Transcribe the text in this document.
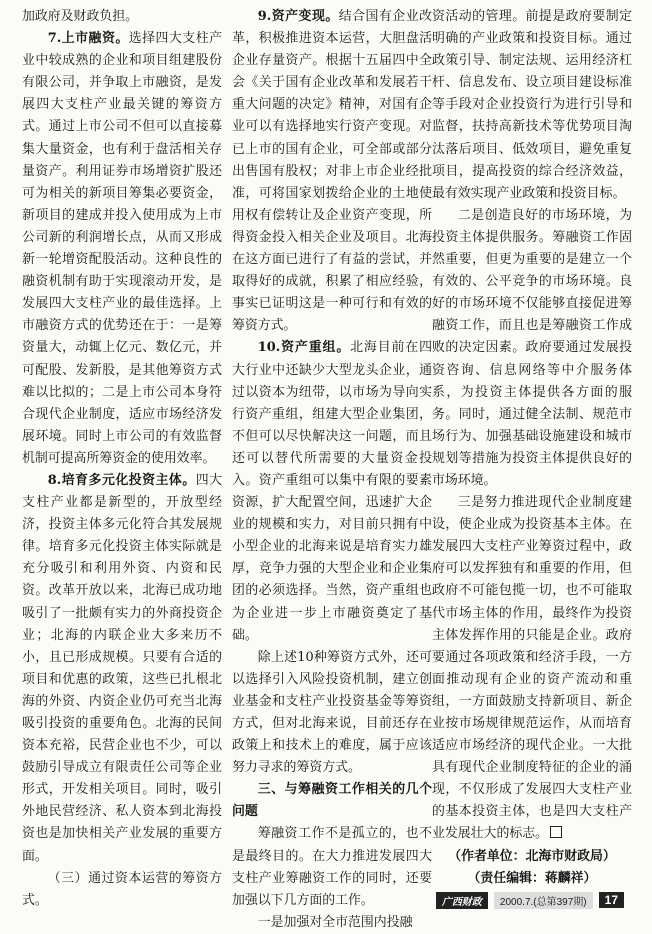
加政府及财政负担。

7.上市融资。选择四大支柱产业中较成熟的企业和项目组建股份有限公司，并争取上市融资，是发展四大支柱产业最关键的筹资方式。通过上市公司不但可以直接募集大量资金，也有利于盘活相关存量资产。利用证券市场增资扩股还可为相关的新项目筹集必要资金，新项目的建成并投入使用成为上市公司新的利润增长点，从而又形成新一轮增资配股活动。这种良性的融资机制有助于实现滚动开发，是发展四大支柱产业的最佳选择。上市融资方式的优势还在于：一是筹资量大，动辄上亿元、数亿元，并可配股、发新股，是其他筹资方式难以比拟的；二是上市公司本身符合现代企业制度，适应市场经济发展环境。同时上市公司的有效监督机制可提高所筹资金的使用效率。

8.培育多元化投资主体。四大支柱产业都是新型的，开放型经济，投资主体多元化符合其发展规律。培育多元化投资主体实际就是充分吸引和利用外资、内资和民资。改革开放以来，北海已成功地吸引了一批颇有实力的外商投资企业；北海的内联企业大多来历不小，且已形成规模。只要有合适的项目和优惠的政策，这些已扎根北海的外资、内资企业仍可充当北海吸引投资的重要角色。北海的民间资本充裕，民营企业也不少，可以鼓励引导成立有限责任公司等企业形式，开发相关项目。同时，吸引外地民营经济、私人资本到北海投资也是加快相关产业发展的重要方面。

（三）通过资本运营的筹资方式。

9.资产变现。结合国有企业改革，积极推进资本运营，大胆盘活企业存量资产。根据十五届四中全会《关于国有企业改革和发展若干重大问题的决定》精神，对国有企业可以有选择地实行资产变现。对已上市的国有企业，可全部或部分出售国有股权；对非上市企业经批准，可将国家划拨给企业的土地使用权有偿转让及企业资产变现，所得资金投入相关企业及项目。北海在这方面已进行了有益的尝试，并取得好的成就，积累了相应经验，事实已证明这是一种可行和有效的筹资方式。

10.资产重组。北海目前在四大行业中还缺少大型龙头企业，通过以资本为纽带，以市场为导向实行资产重组，组建大型企业集团，不但可以尽快解决这一问题，而且还可以替代所需要的大量资金投入。资产重组可以集中有限的要素资源，扩大配置空间，迅速扩大企业的规模和实力，对目前只拥有中小型企业的北海来说是培育实力雄厚，竞争力强的大型企业和企业集团的必须选择。当然，资产重组也为企业进一步上市融资奠定了基础。

除上述10种筹资方式外，还可以选择引入风险投资机制，建立创业基金和支柱产业投资基金等筹资方式，但对北海来说，目前还存在政策上和技术上的难度，属于应该努力寻求的筹资方式。

三、与筹融资工作相关的几个问题

筹融资工作不是孤立的，也不是最终目的。在大力推进发展四大支柱产业筹融资工作的同时，还要加强以下几方面的工作。

一是加强对全市范围内投融

资活动的管理。前提是政府要制定明确的产业政策和投资目标。通过政策引导、制定法规、运用经济杠杆、信息发布、设立项目建设标准等手段对企业投资行为进行引导和监督，扶持高新技术等优势项目淘汰落后项目、低效项目，避免重复项目，提高投资的综合经济效益，最有效实现产业政策和投资目标。

二是创造良好的市场环境，为投资主体提供服务。筹融资工作固然重要，但更为重要的是建立一个有效的、公平竞争的市场环境。良好的市场环境不仅能够直接促进筹融资工作，而且也是筹融资工作成败的决定因素。政府要通过发展投资咨询、信息网络等中介服务体系，为投资主体提供各方面的服务。同时，通过健全法制、规范市场行为、加强基础设施建设和城市规划等措施为投资主体提供良好的市场环境。

三是努力推进现代企业制度建设，使企业成为投资基本主体。在发展四大支柱产业筹资过程中，政府可以发挥独有和重要的作用，但政府不可能包揽一切，也不可能取代市场主体的作用，最终作为投资主体发挥作用的只能是企业。政府要通过各项政策和经济手段，一方面推动现有企业的资产流动和重组，一方面鼓励支持新项目、新企业按市场规律规范运作，从而培育适应市场经济的现代企业。一大批具有现代企业制度特征的企业的涌现，不仅形成了发展四大支柱产业的基本投资主体，也是四大支柱产业发展壮大的标志。

（作者单位：北海市财政局）

（责任编辑：蒋麟祥）

广西财政	2000.7.(总第397期)	17
